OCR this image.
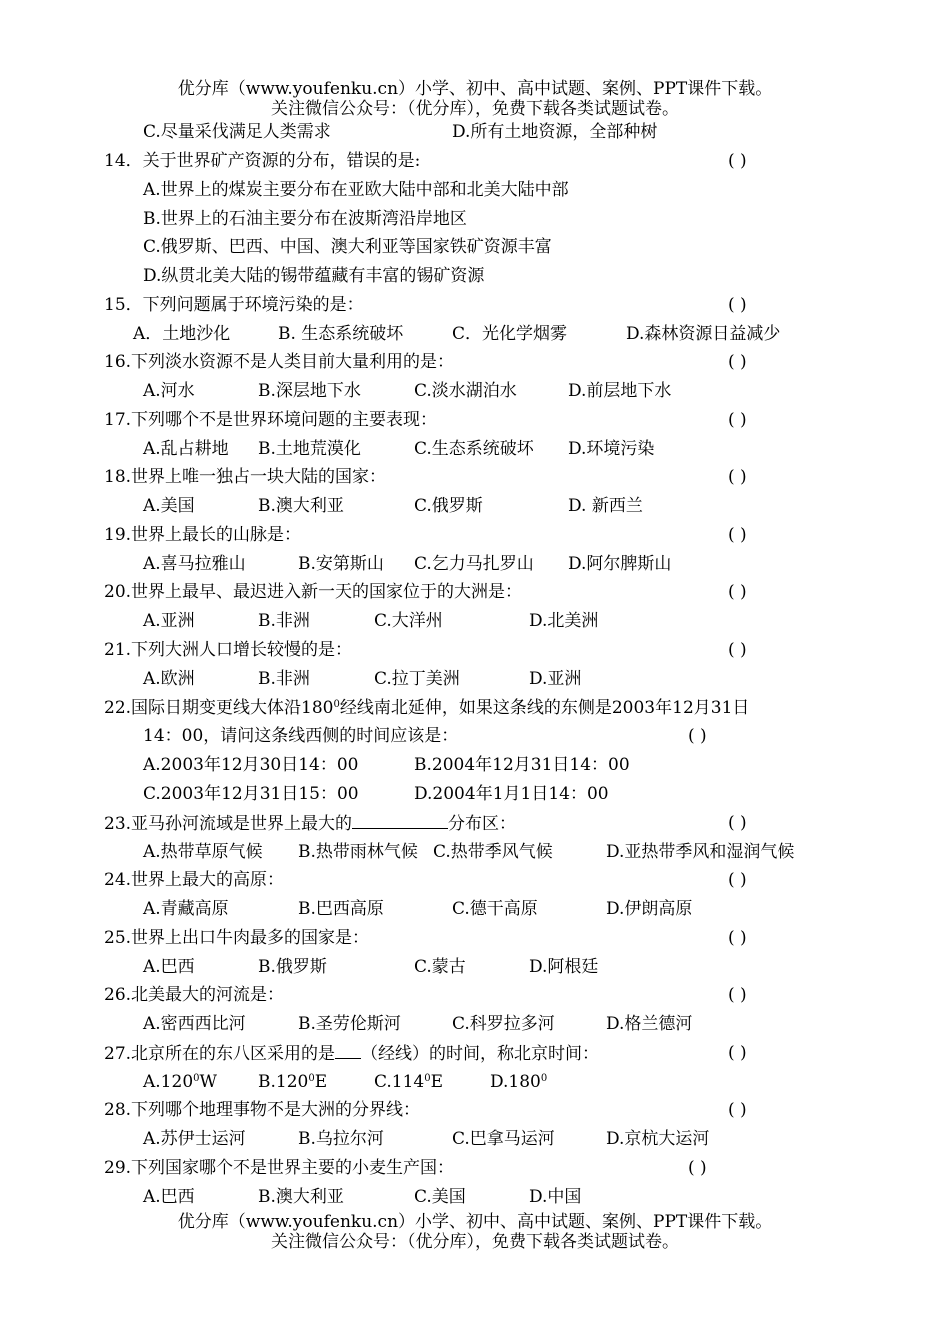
优分库（www.youfenku.cn）小学、初中、高中试题、案例、PPT课件下载。
关注微信公众号：（优分库），免费下载各类试题试卷。
C.尽量采伐满足人类需求	D.所有土地资源，全部种树
14．关于世界矿产资源的分布，错误的是:	( )
A.世界上的煤炭主要分布在亚欧大陆中部和北美大陆中部
B.世界上的石油主要分布在波斯湾沿岸地区
C.俄罗斯、巴西、中国、澳大利亚等国家铁矿资源丰富
D.纵贯北美大陆的锡带蕴藏有丰富的锡矿资源
15．下列问题属于环境污染的是：	( )
A．土地沙化	B. 生态系统破坏	C．光化学烟雾	D.森林资源日益减少
16.下列淡水资源不是人类目前大量利用的是：	( )
A.河水	B.深层地下水	C.淡水湖泊水	D.前层地下水
17.下列哪个不是世界环境问题的主要表现：	( )
A.乱占耕地 B.土地荒漠化	C.生态系统破坏 D.环境污染
18.世界上唯一独占一块大陆的国家：	( )
A.美国	B.澳大利亚	C.俄罗斯	D. 新西兰
19.世界上最长的山脉是：	( )
A.喜马拉雅山	B.安第斯山 C.乞力马扎罗山 D.阿尔脾斯山
20.世界上最早、最迟进入新一天的国家位于的大洲是：	( )
A.亚洲	B.非洲	C.大洋州	D.北美洲
21.下列大洲人口增长较慢的是：	( )
A.欧洲	B.非洲	C.拉丁美洲	D.亚洲
22.国际日期变更线大体沿$180^0$经线南北延伸，如果这条线的东侧是2003年12月31日
14：00，请问这条线西侧的时间应该是：	( )
A.2003年12月30日14：00	B.2004年12月31日14：00
C.2003年12月31日15：00	D.2004年1月1日14：00
23.亚马孙河流域是世界上最大的	分布区：	( )
A.热带草原气候 B.热带雨林气候 C.热带季风气候	D.亚热带季风和湿润气候
24.世界上最大的高原：	( )
A.青藏高原	B.巴西高原	C.德干高原	D.伊朗高原
25.世界上出口牛肉最多的国家是：	( )
A.巴西	B.俄罗斯	C.蒙古	D.阿根廷
26.北美最大的河流是：	( )
A.密西西比河	B.圣劳伦斯河	C.科罗拉多河	D.格兰德河
27.北京所在的东八区采用的是 （经线）的时间，称北京时间：	( )
A.120$^0$W B.120$^0$E	C.114$^0$E	D.180$^0$
28.下列哪个地理事物不是大洲的分界线：	( )
A.苏伊士运河	B.乌拉尔河	C.巴拿马运河	D.京杭大运河
29.下列国家哪个不是世界主要的小麦生产国：	( )
A.巴西	B.澳大利亚	C.美国	D.中国
优分库（www.youfenku.cn）小学、初中、高中试题、案例、PPT课件下载。
关注微信公众号：（优分库），免费下载各类试题试卷。
